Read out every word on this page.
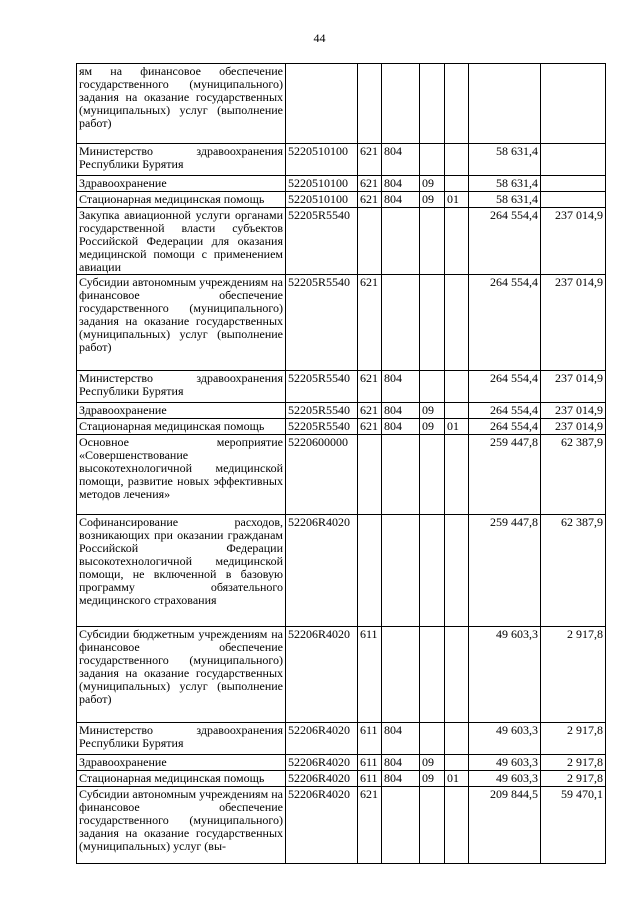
44
ям на финансовое обеспечение государственного (муниципального) задания на оказание государственных (муниципальных) услуг (выполнение работ)							
Министерство здравоохранения Республики Бурятия	5220510100	621	804			58 631,4	
Здравоохранение	5220510100	621	804	09		58 631,4	
Стационарная медицинская помощь	5220510100	621	804	09	01	58 631,4	
Закупка авиационной услуги органами государственной власти субъектов Российской Федерации для оказания медицинской помощи с применением авиации	52205R5540					264 554,4	237 014,9
Субсидии автономным учреждениям на финансовое обеспечение государственного (муниципального) задания на оказание государственных (муниципальных) услуг (выполнение работ)	52205R5540	621				264 554,4	237 014,9
Министерство здравоохранения Республики Бурятия	52205R5540	621	804			264 554,4	237 014,9
Здравоохранение	52205R5540	621	804	09		264 554,4	237 014,9
Стационарная медицинская помощь	52205R5540	621	804	09	01	264 554,4	237 014,9
Основное мероприятие «Совершенствование высокотехнологичной медицинской помощи, развитие новых эффективных методов лечения»	5220600000					259 447,8	62 387,9
Софинансирование расходов, возникающих при оказании гражданам Российской Федерации высокотехнологичной медицинской помощи, не включенной в базовую программу обязательного медицинского страхования	52206R4020					259 447,8	62 387,9
Субсидии бюджетным учреждениям на финансовое обеспечение государственного (муниципального) задания на оказание государственных (муниципальных) услуг (выполнение работ)	52206R4020	611				49 603,3	2 917,8
Министерство здравоохранения Республики Бурятия	52206R4020	611	804			49 603,3	2 917,8
Здравоохранение	52206R4020	611	804	09		49 603,3	2 917,8
Стационарная медицинская помощь	52206R4020	611	804	09	01	49 603,3	2 917,8
Субсидии автономным учреждениям на финансовое обеспечение государственного (муниципального) задания на оказание государственных (муниципальных) услуг (вы-	52206R4020	621				209 844,5	59 470,1
